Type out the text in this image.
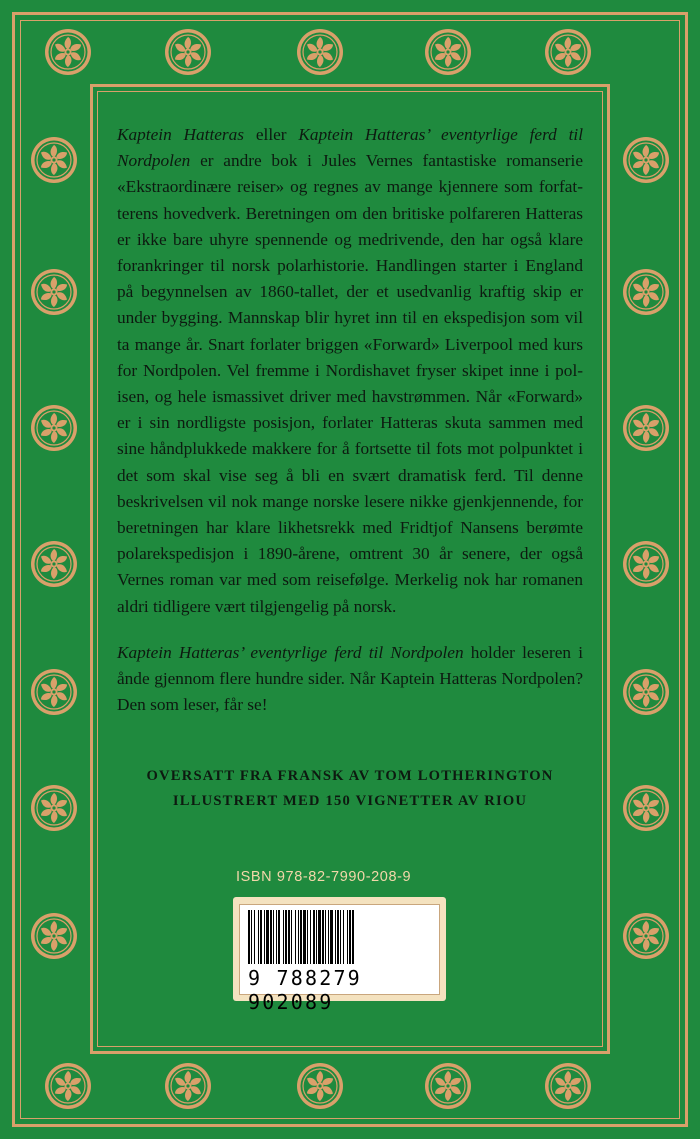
Kaptein Hatteras eller Kaptein Hatteras’ eventyrlige ferd til Nordpolen er andre bok i Jules Vernes fantastiske romanserie «Ekstraordinære reiser» og regnes av mange kjennere som forfatterens hovedverk. Beretningen om den britiske polfareren Hatteras er ikke bare uhyre spennende og medrivende, den har også klare forankringer til norsk polarhistorie. Handlingen starter i England på begynnelsen av 1860-tallet, der et usedvanlig kraftig skip er under bygging. Mannskap blir hyret inn til en ekspedisjon som vil ta mange år. Snart forlater briggen «Forward» Liverpool med kurs for Nordpolen. Vel fremme i Nordishavet fryser skipet inne i pol-isen, og hele ismassivet driver med havstrømmen. Når «Forward» er i sin nordligste posisjon, forlater Hatteras skuta sammen med sine håndplukkede makkere for å fortsette til fots mot polpunktet i det som skal vise seg å bli en svært dramatisk ferd. Til denne beskrivelsen vil nok mange norske lesere nikke gjenkjennende, for beretningen har klare likhetsrekk med Fridtjof Nansens berømte polarekspedisjon i 1890-årene, omtrent 30 år senere, der også Vernes roman var med som reisefølge. Merkelig nok har romanen aldri tidligere vært tilgjengelig på norsk.

Kaptein Hatteras’ eventyrlige ferd til Nordpolen holder leseren i ånde gjennom flere hundre sider. Når Kaptein Hatteras Nordpolen? Den som leser, får se!

OVERSATT FRA FRANSK AV TOM LOTHERINGTON
ILLUSTRERT MED 150 VIGNETTER AV RIOU
ISBN 978-82-7990-208-9
9 788279 902089
